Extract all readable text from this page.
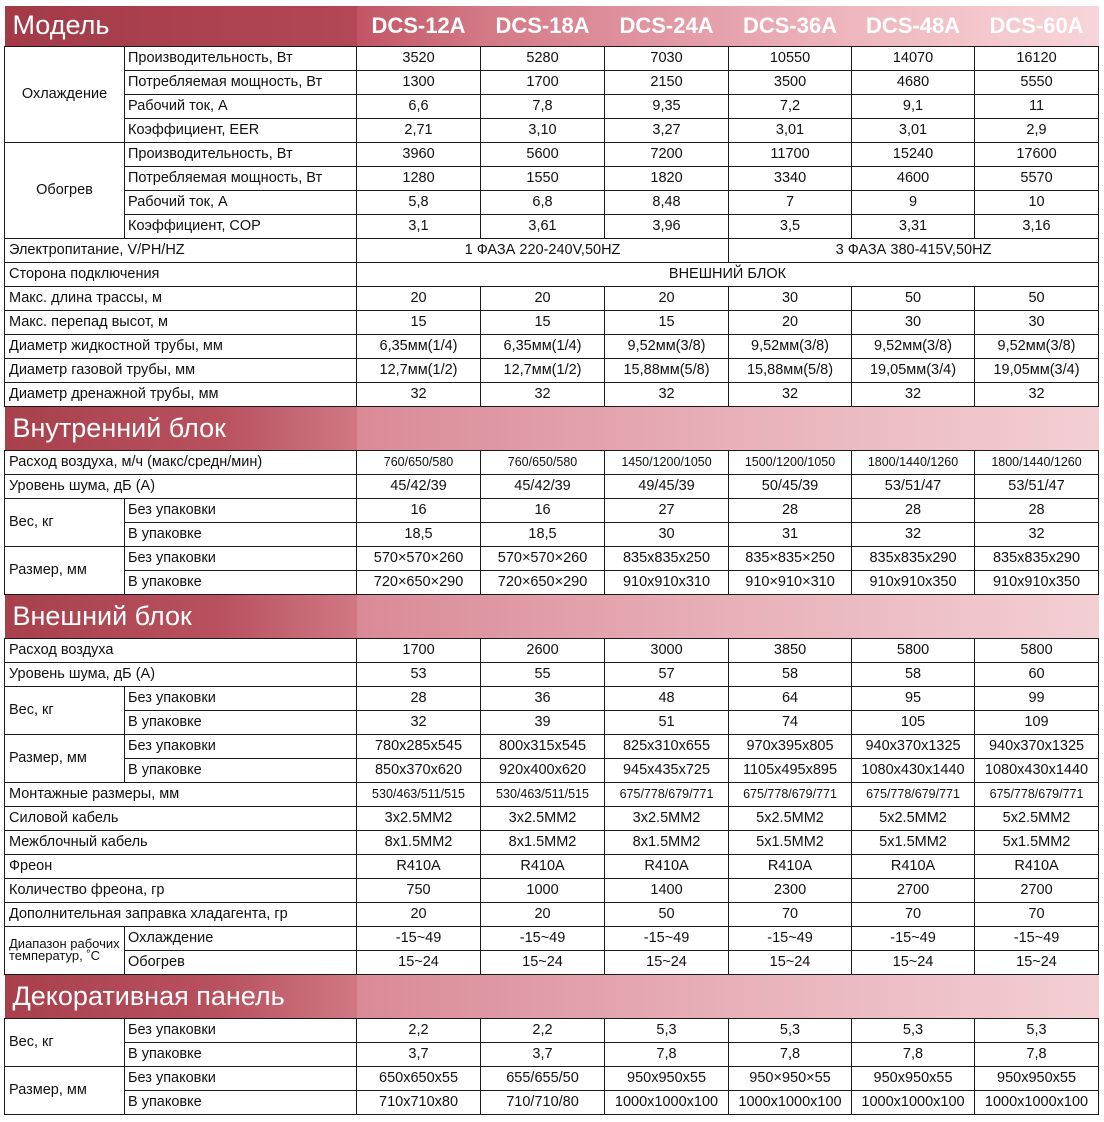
Модель		DCS-12A	DCS-18A	DCS-24A	DCS-36A	DCS-48A	DCS-60A
Охлаждение	Производительность, Вт	3520	5280	7030	10550	14070	16120
	Потребляемая мощность, Вт	1300	1700	2150	3500	4680	5550
	Рабочий ток, А	6,6	7,8	9,35	7,2	9,1	11
	Коэффициент, EER	2,71	3,10	3,27	3,01	3,01	2,9
Обогрев	Производительность, Вт	3960	5600	7200	11700	15240	17600
	Потребляемая мощность, Вт	1280	1550	1820	3340	4600	5570
	Рабочий ток, А	5,8	6,8	8,48	7	9	10
	Коэффициент, COP	3,1	3,61	3,96	3,5	3,31	3,16
Электропитание, V/PH/HZ		1 ФАЗА 220-240V,50HZ			3 ФАЗА 380-415V,50HZ		
Сторона подключения		ВНЕШНИЙ БЛОК					
Макс. длина трассы, м		20	20	20	30	50	50
Макс. перепад высот, м		15	15	15	20	30	30
Диаметр жидкостной трубы, мм		6,35мм(1/4)	6,35мм(1/4)	9,52мм(3/8)	9,52мм(3/8)	9,52мм(3/8)	9,52мм(3/8)
Диаметр газовой трубы, мм		12,7мм(1/2)	12,7мм(1/2)	15,88мм(5/8)	15,88мм(5/8)	19,05мм(3/4)	19,05мм(3/4)
Диаметр дренажной трубы, мм		32	32	32	32	32	32
Внутренний блок							
Расход воздуха, м/ч (макс/средн/мин)		760/650/580	760/650/580	1450/1200/1050	1500/1200/1050	1800/1440/1260	1800/1440/1260
Уровень шума, дБ (А)		45/42/39	45/42/39	49/45/39	50/45/39	53/51/47	53/51/47
Вес, кг	Без упаковки	16	16	27	28	28	28
	В упаковке	18,5	18,5	30	31	32	32
Размер, мм	Без упаковки	570×570×260	570×570×260	835x835x250	835×835×250	835x835x290	835x835x290
	В упаковке	720×650×290	720×650×290	910x910x310	910×910×310	910x910x350	910x910x350
Внешний блок							
Расход воздуха		1700	2600	3000	3850	5800	5800
Уровень шума, дБ (А)		53	55	57	58	58	60
Вес, кг	Без упаковки	28	36	48	64	95	99
	В упаковке	32	39	51	74	105	109
Размер, мм	Без упаковки	780x285x545	800x315x545	825x310x655	970x395x805	940x370x1325	940x370x1325
	В упаковке	850x370x620	920x400x620	945x435x725	1105x495x895	1080x430x1440	1080x430x1440
Монтажные размеры, мм		530/463/511/515	530/463/511/515	675/778/679/771	675/778/679/771	675/778/679/771	675/778/679/771
Силовой кабель		3x2.5MM2	3x2.5MM2	3x2.5MM2	5x2.5MM2	5x2.5MM2	5x2.5MM2
Межблочный кабель		8x1.5MM2	8x1.5MM2	8x1.5MM2	5x1.5MM2	5x1.5MM2	5x1.5MM2
Фреон		R410A	R410A	R410A	R410A	R410A	R410A
Количество фреона, гр		750	1000	1400	2300	2700	2700
Дополнительная заправка хладагента, гр		20	20	50	70	70	70
Диапазон рабочих температур, ˚C	Охлаждение	-15~49	-15~49	-15~49	-15~49	-15~49	-15~49
	Обогрев	15~24	15~24	15~24	15~24	15~24	15~24
Декоративная панель							
Вес, кг	Без упаковки	2,2	2,2	5,3	5,3	5,3	5,3
	В упаковке	3,7	3,7	7,8	7,8	7,8	7,8
Размер, мм	Без упаковки	650x650x55	655/655/50	950x950x55	950×950×55	950x950x55	950x950x55
	В упаковке	710x710x80	710/710/80	1000x1000x100	1000x1000x100	1000x1000x100	1000x1000x100
